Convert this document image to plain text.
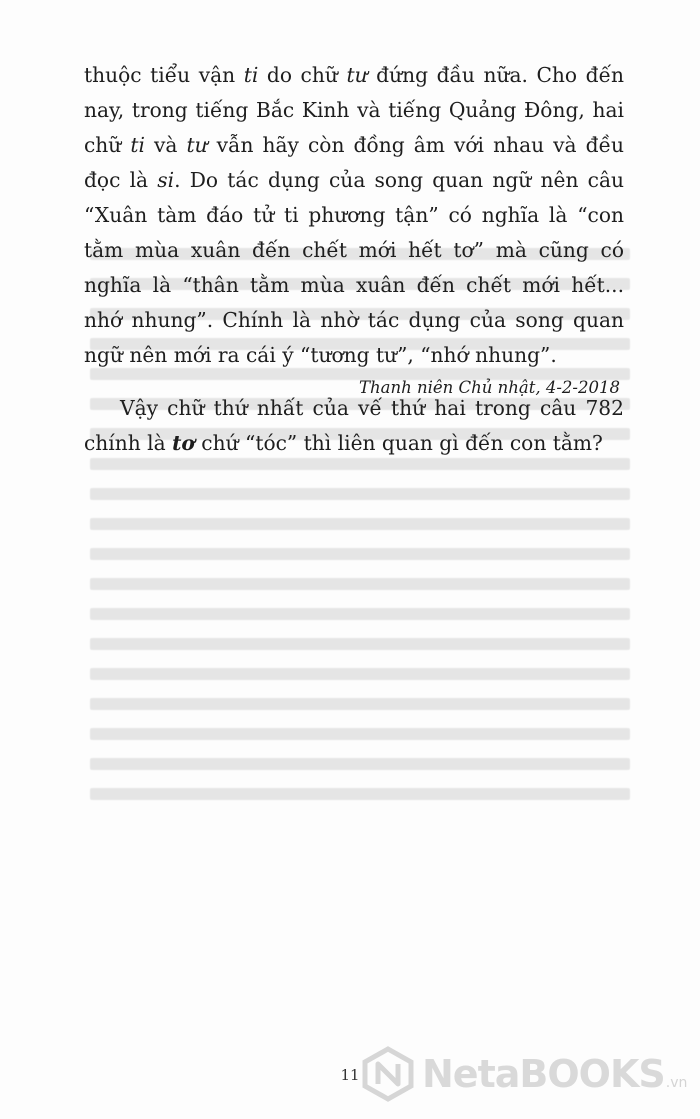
thuộc tiểu vận ti do chữ tư đứng đầu nữa. Cho đến nay, trong tiếng Bắc Kinh và tiếng Quảng Đông, hai chữ ti và tư vẫn hãy còn đồng âm với nhau và đều đọc là si. Do tác dụng của song quan ngữ nên câu “Xuân tàm đáo tử ti phương tận” có nghĩa là “con tằm mùa xuân đến chết mới hết tơ” mà cũng có nghĩa là “thân tằm mùa xuân đến chết mới hết... nhớ nhung”. Chính là nhờ tác dụng của song quan ngữ nên mới ra cái ý “tương tư”, “nhớ nhung”.

Vậy chữ thứ nhất của vế thứ hai trong câu 782 chính là tơ chứ “tóc” thì liên quan gì đến con tằm?

Thanh niên Chủ nhật, 4-2-2018
11 NetaBOOKS .vn
